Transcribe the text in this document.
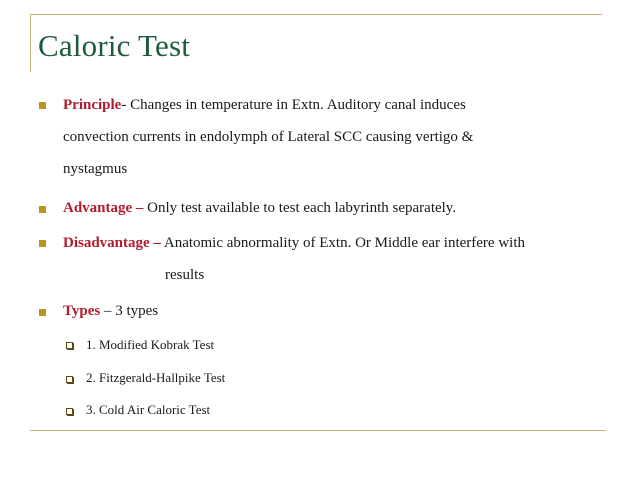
Caloric Test
Principle- Changes in temperature in Extn. Auditory canal induces
convection currents in endolymph of Lateral SCC causing vertigo &
nystagmus
Advantage – Only test available to test each labyrinth separately.
Disadvantage – Anatomic abnormality of Extn. Or Middle ear interfere with
results
Types – 3 types
1. Modified Kobrak Test
2. Fitzgerald-Hallpike Test
3. Cold Air Caloric Test
